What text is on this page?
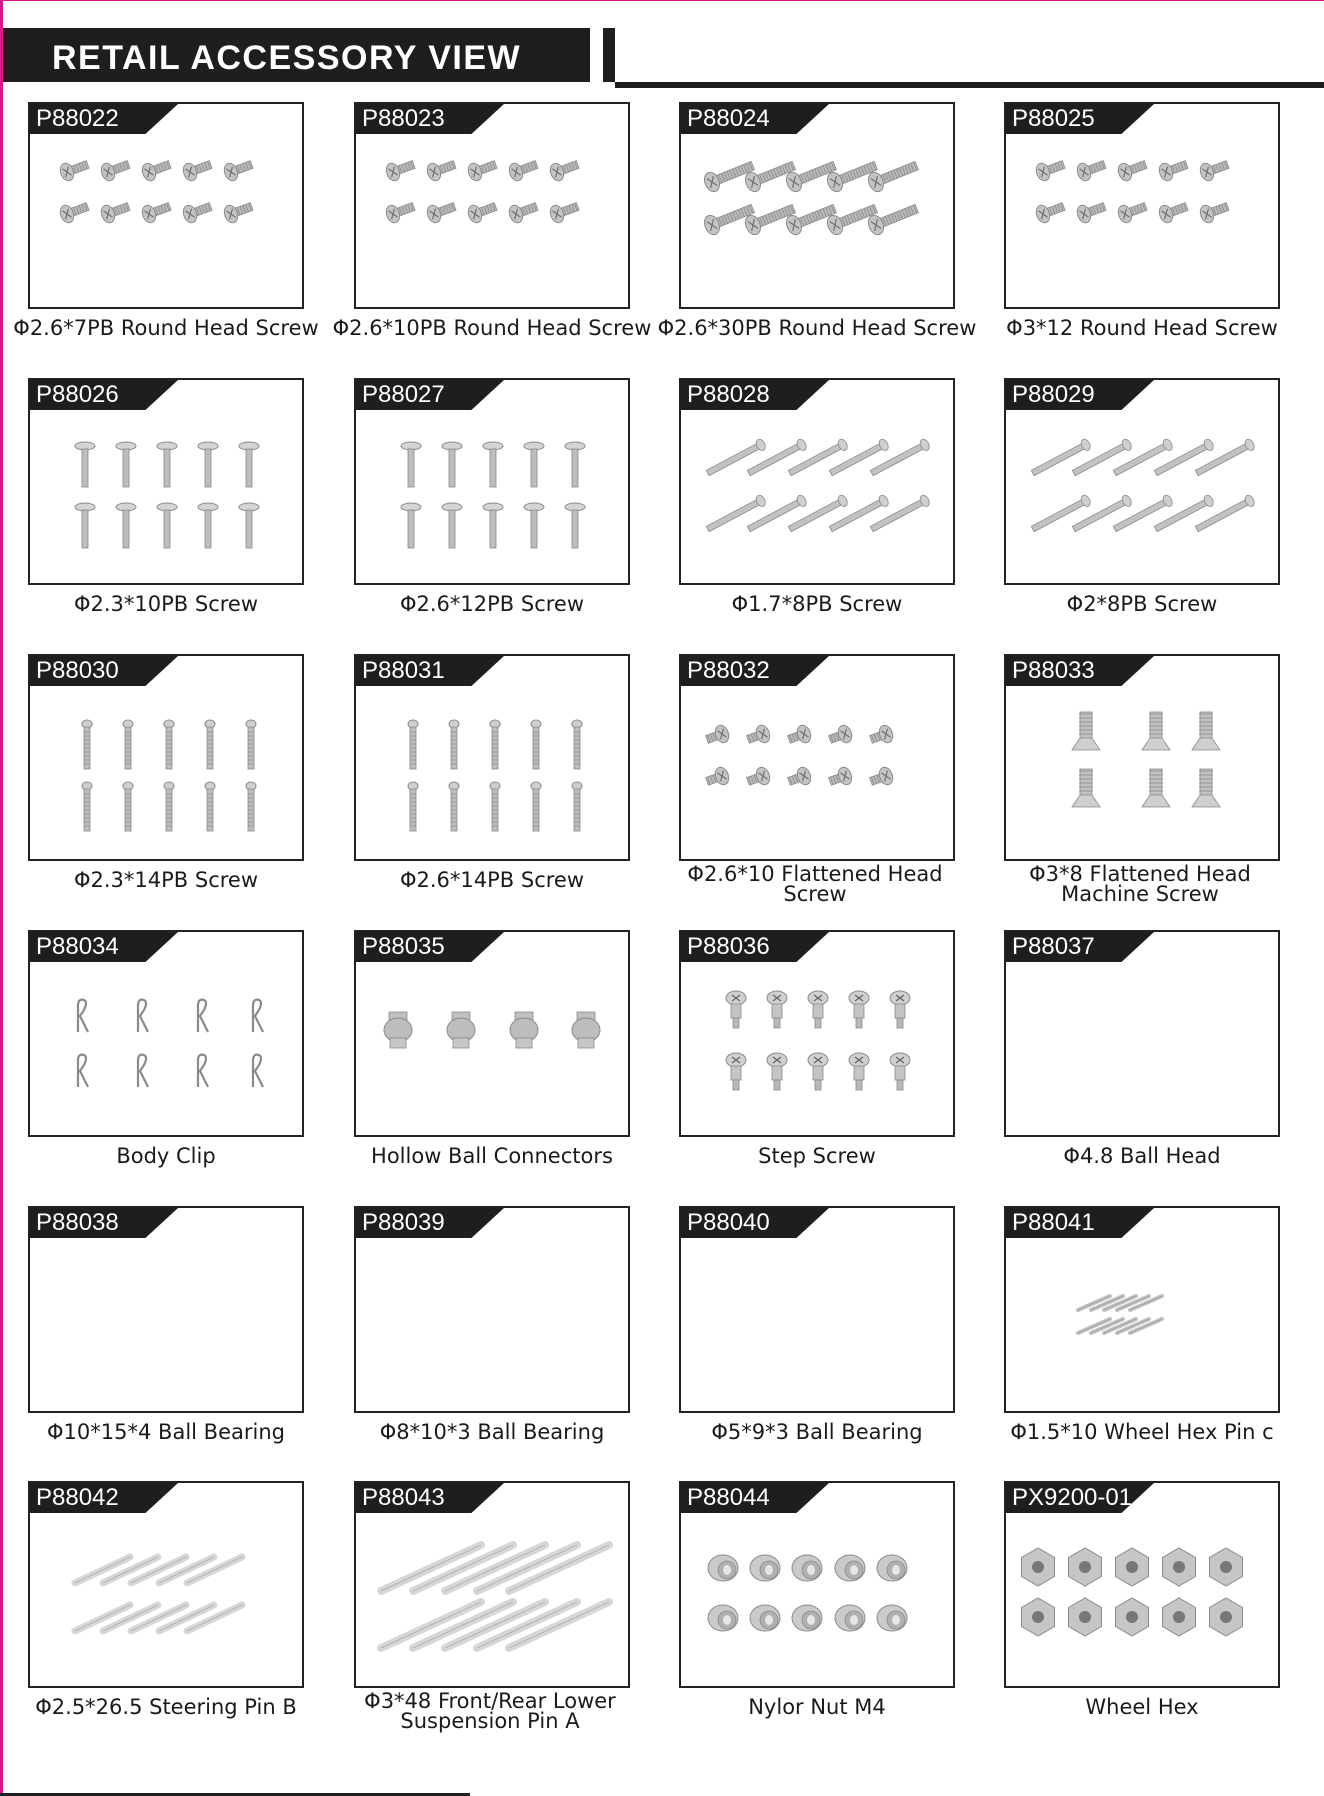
RETAIL ACCESSORY VIEW
P88022
Φ2.6*7PB Round Head Screw
P88023
Φ2.6*10PB Round Head Screw
P88024
Φ2.6*30PB Round Head Screw
P88025
Φ3*12 Round Head Screw
P88026
Φ2.3*10PB Screw
P88027
Φ2.6*12PB Screw
P88028
Φ1.7*8PB Screw
P88029
Φ2*8PB Screw
P88030
Φ2.3*14PB Screw
P88031
Φ2.6*14PB Screw
P88032
Φ2.6*10 Flattened Head Screw
P88033
Φ3*8 Flattened Head Machine Screw
P88034
Body Clip
P88035
Hollow Ball Connectors
P88036
Step Screw
P88037
Φ4.8 Ball Head
P88038
Φ10*15*4 Ball Bearing
P88039
Φ8*10*3 Ball Bearing
P88040
Φ5*9*3 Ball Bearing
P88041
Φ1.5*10 Wheel Hex Pin c
P88042
Φ2.5*26.5 Steering Pin B
P88043
Φ3*48 Front/Rear Lower Suspension Pin A
P88044
Nylor Nut M4
PX9200-01
Wheel Hex
